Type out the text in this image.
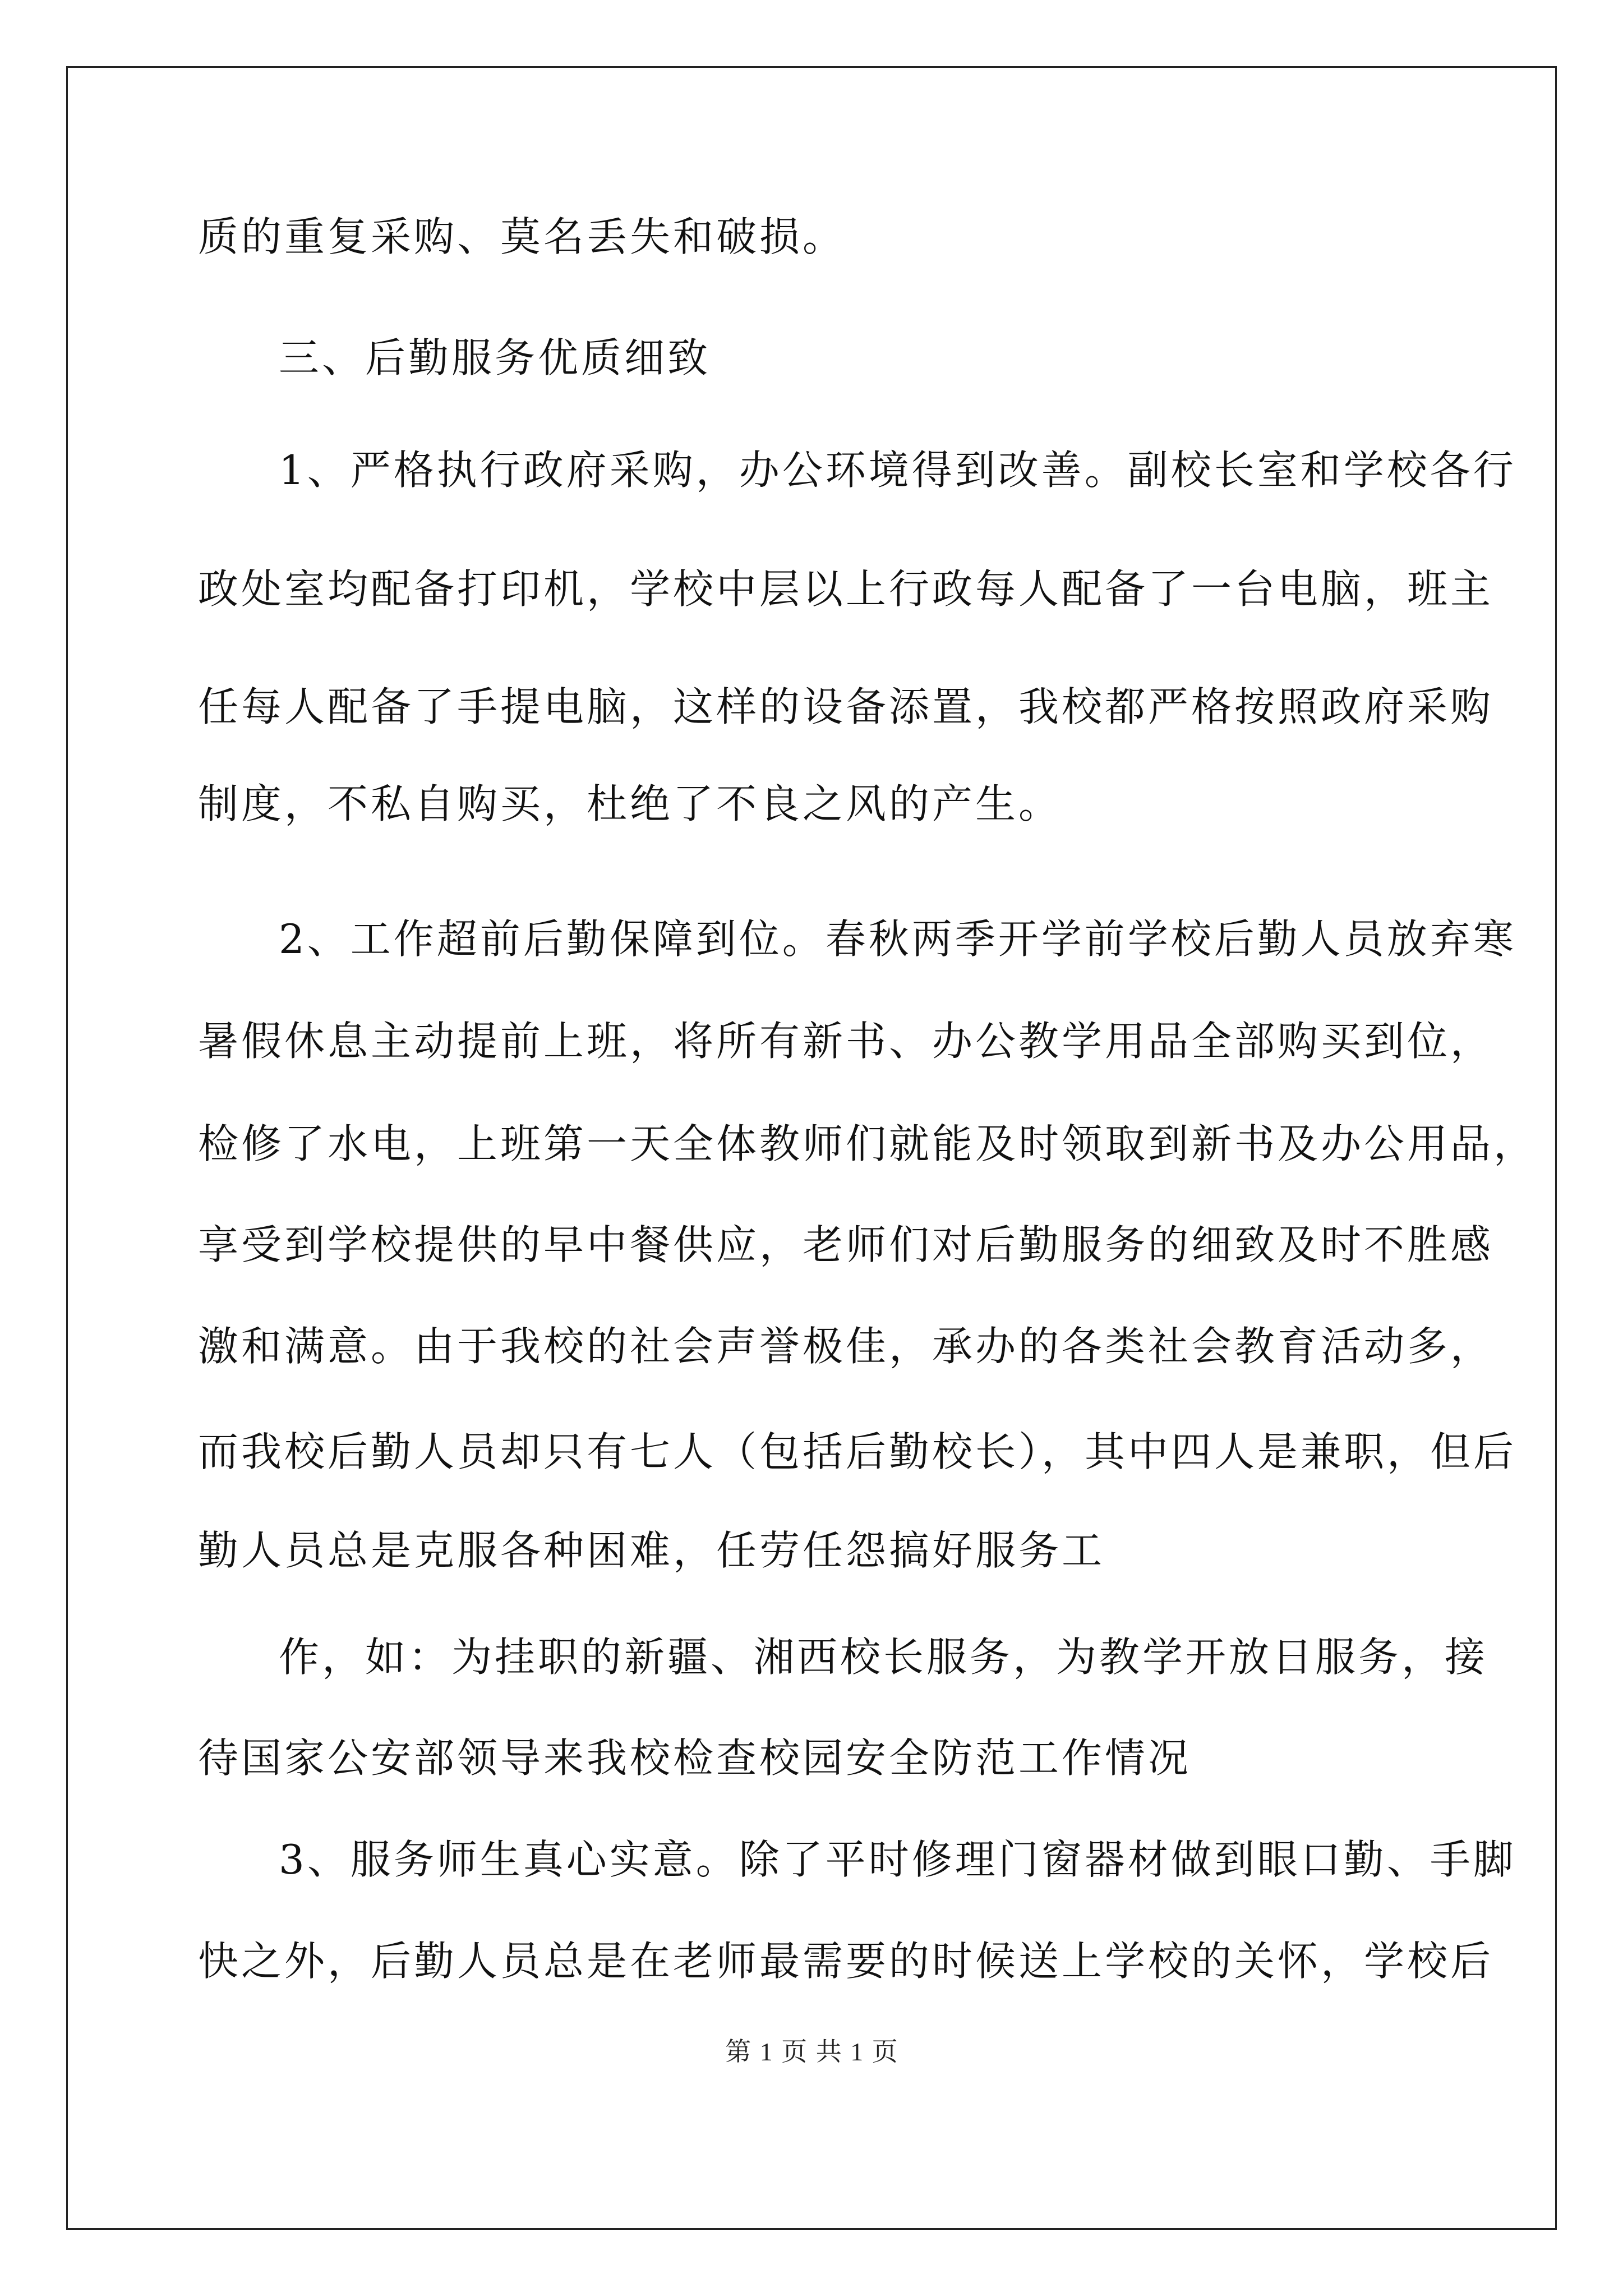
质的重复采购、莫名丢失和破损。
三、后勤服务优质细致
1、严格执行政府采购，办公环境得到改善。副校长室和学校各行
政处室均配备打印机，学校中层以上行政每人配备了一台电脑，班主
任每人配备了手提电脑，这样的设备添置，我校都严格按照政府采购
制度，不私自购买，杜绝了不良之风的产生。
2、工作超前后勤保障到位。春秋两季开学前学校后勤人员放弃寒
暑假休息主动提前上班，将所有新书、办公教学用品全部购买到位，
检修了水电，上班第一天全体教师们就能及时领取到新书及办公用品，
享受到学校提供的早中餐供应，老师们对后勤服务的细致及时不胜感
激和满意。由于我校的社会声誉极佳，承办的各类社会教育活动多，
而我校后勤人员却只有七人（包括后勤校长），其中四人是兼职，但后
勤人员总是克服各种困难，任劳任怨搞好服务工
作，如：为挂职的新疆、湘西校长服务，为教学开放日服务，接
待国家公安部领导来我校检查校园安全防范工作情况
3、服务师生真心实意。除了平时修理门窗器材做到眼口勤、手脚
快之外，后勤人员总是在老师最需要的时候送上学校的关怀，学校后
第 1 页 共 1 页
